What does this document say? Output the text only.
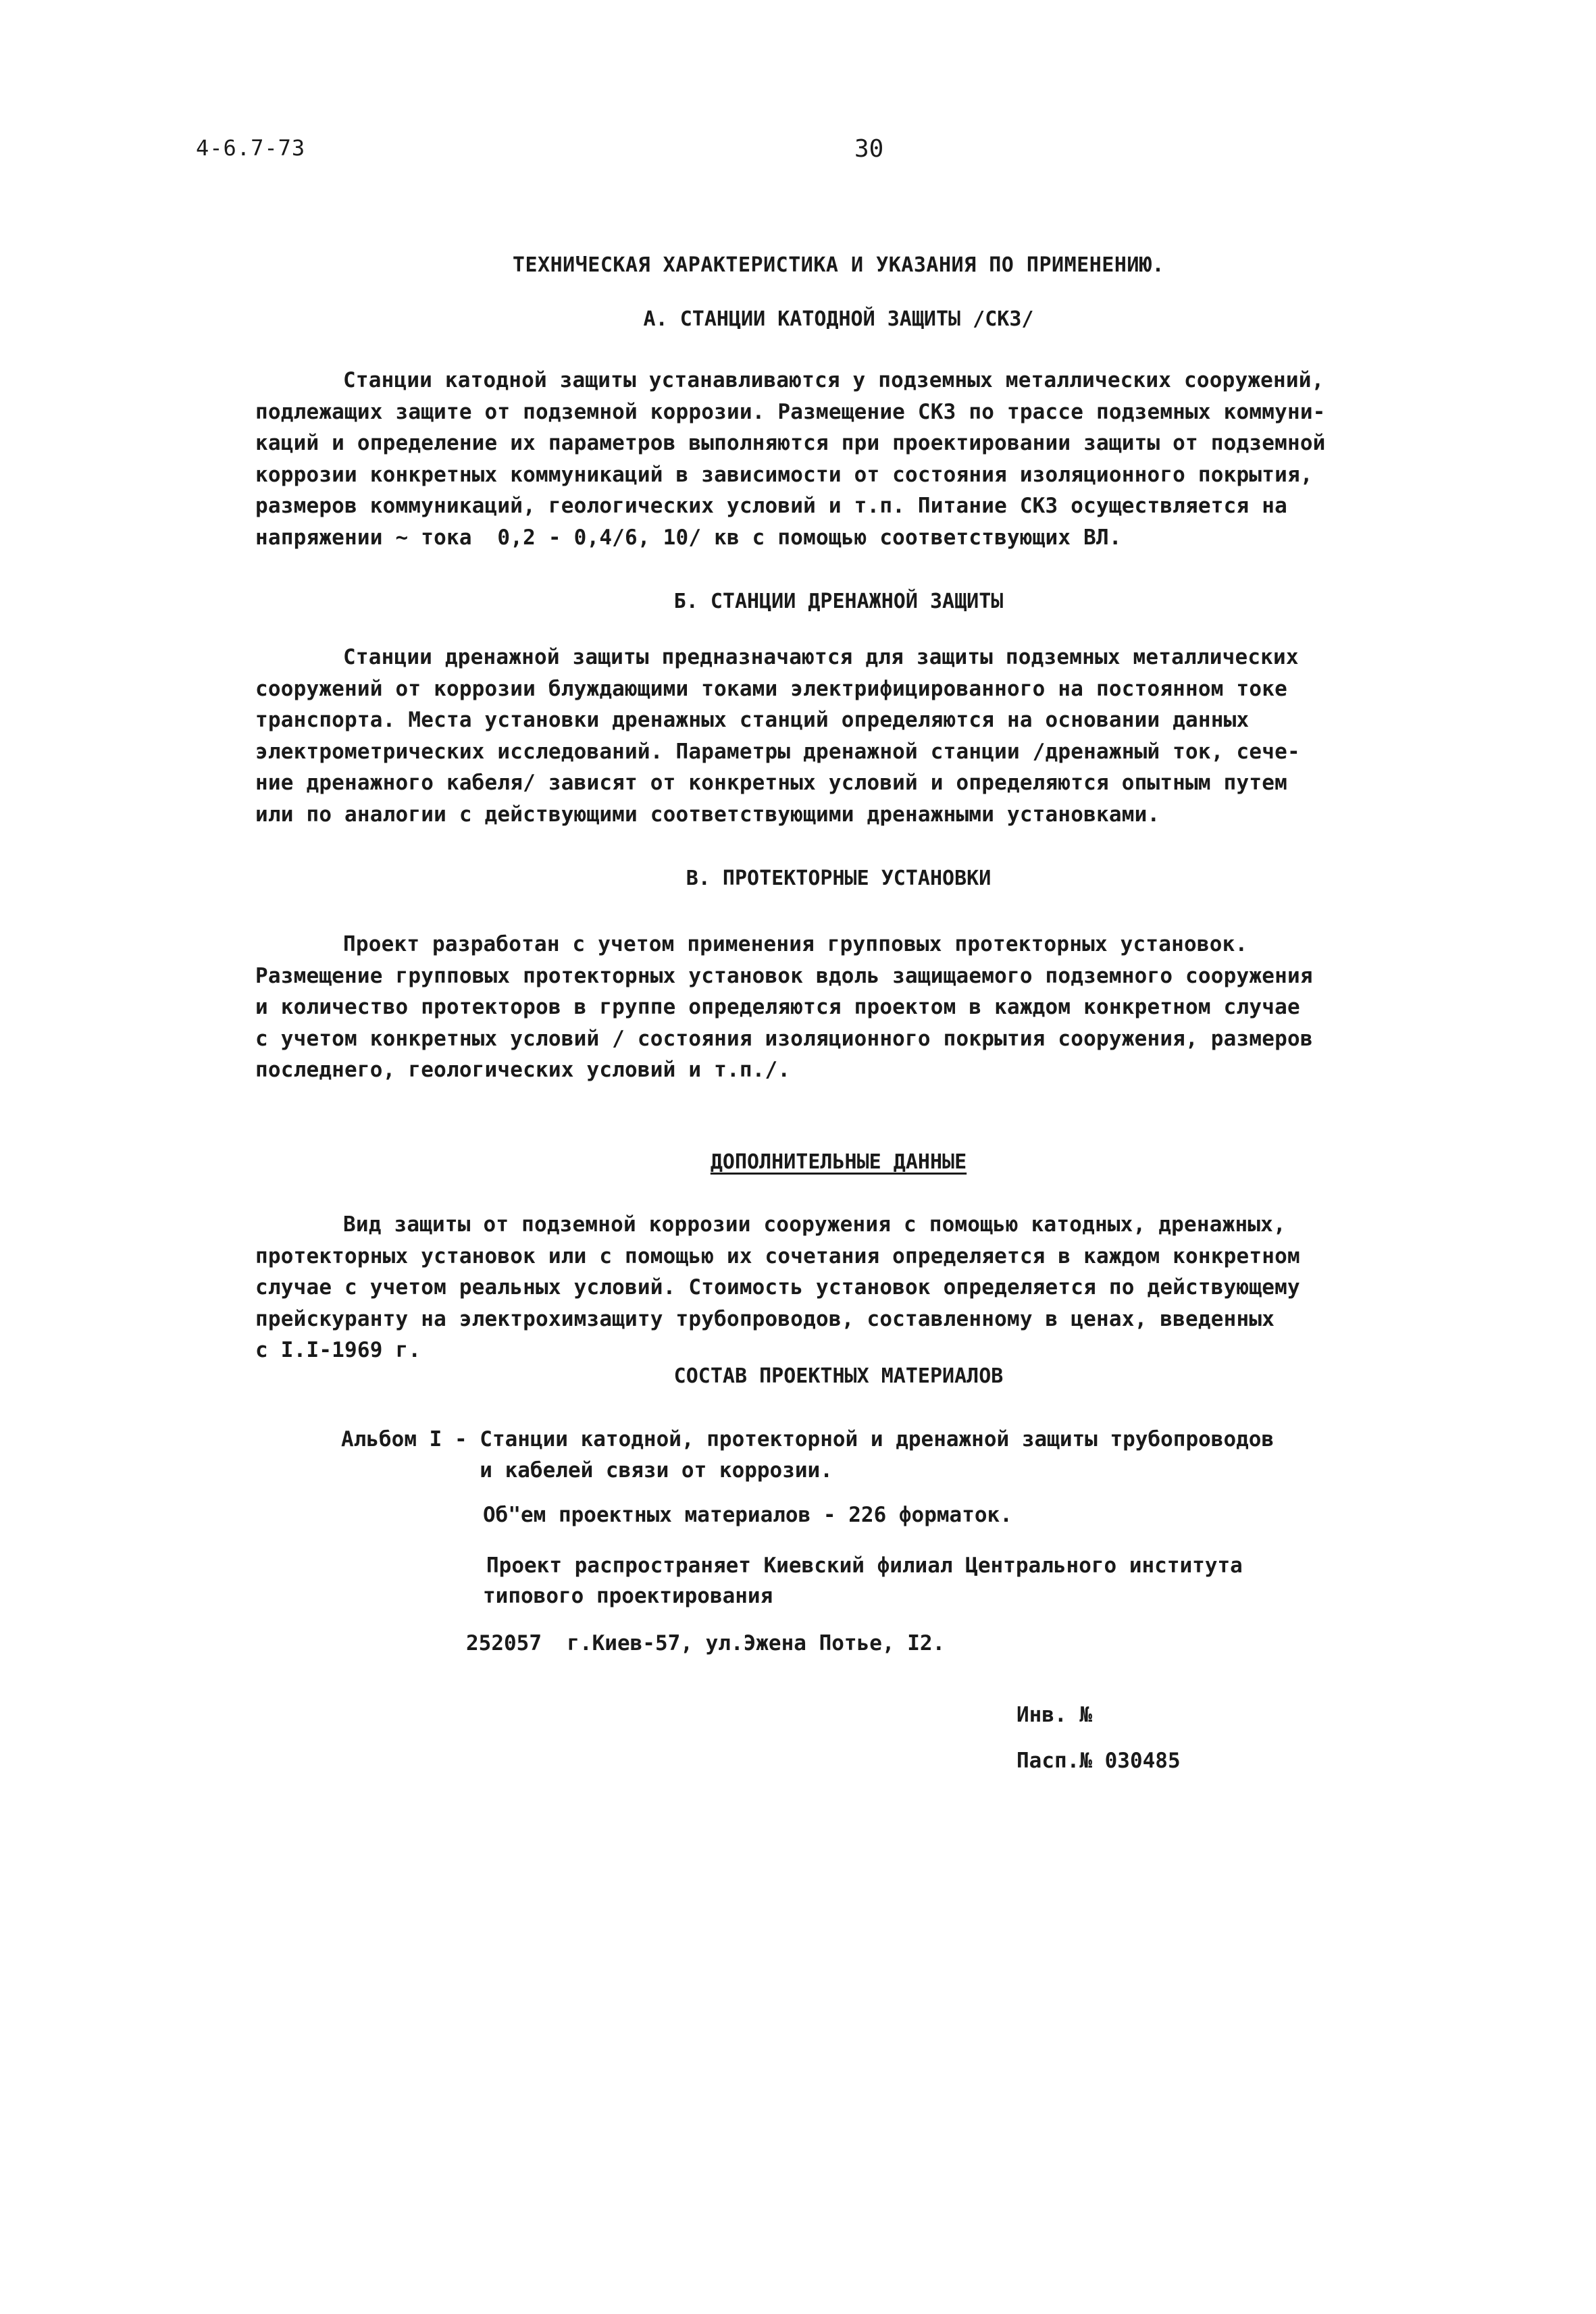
4-6.7-73	30
ТЕХНИЧЕСКАЯ ХАРАКТЕРИСТИКА И УКАЗАНИЯ ПО ПРИМЕНЕНИЮ.
А. СТАНЦИИ КАТОДНОЙ ЗАЩИТЫ /СКЗ/
Станции катодной защиты устанавливаются у подземных металлических сооружений,
подлежащих защите от подземной коррозии. Размещение СКЗ по трассе подземных коммуни-
каций и определение их параметров выполняются при проектировании защиты от подземной
коррозии конкретных коммуникаций в зависимости от состояния изоляционного покрытия,
размеров коммуникаций, геологических условий и т.п. Питание СКЗ осуществляется на
напряжении ~ тока  0,2 - 0,4/6, 10/ кв с помощью соответствующих ВЛ.
Б. СТАНЦИИ ДРЕНАЖНОЙ ЗАЩИТЫ
Станции дренажной защиты предназначаются для защиты подземных металлических
сооружений от коррозии блуждающими токами электрифицированного на постоянном токе
транспорта. Места установки дренажных станций определяются на основании данных
электрометрических исследований. Параметры дренажной станции /дренажный ток, сече-
ние дренажного кабеля/ зависят от конкретных условий и определяются опытным путем
или по аналогии с действующими соответствующими дренажными установками.
В. ПРОТЕКТОРНЫЕ УСТАНОВКИ
Проект разработан с учетом применения групповых протекторных установок.
Размещение групповых протекторных установок вдоль защищаемого подземного сооружения
и количество протекторов в группе определяются проектом в каждом конкретном случае
с учетом конкретных условий / состояния изоляционного покрытия сооружения, размеров
последнего, геологических условий и т.п./.
ДОПОЛНИТЕЛЬНЫЕ ДАННЫЕ
Вид защиты от подземной коррозии сооружения с помощью катодных, дренажных,
протекторных установок или с помощью их сочетания определяется в каждом конкретном
случае с учетом реальных условий. Стоимость установок определяется по действующему
прейскуранту на электрохимзащиту трубопроводов, составленному в ценах, введенных
с I.I-1969 г.
СОСТАВ ПРОЕКТНЫХ МАТЕРИАЛОВ
Альбом I - Станции катодной, протекторной и дренажной защиты трубопроводов
и кабелей связи от коррозии.
Об"ем проектных материалов - 226 форматок.
Проект распространяет Киевский филиал Центрального института
типового проектирования
252057  г.Киев-57, ул.Эжена Потье, I2.
Инв. №
Пасп.№ 030485
